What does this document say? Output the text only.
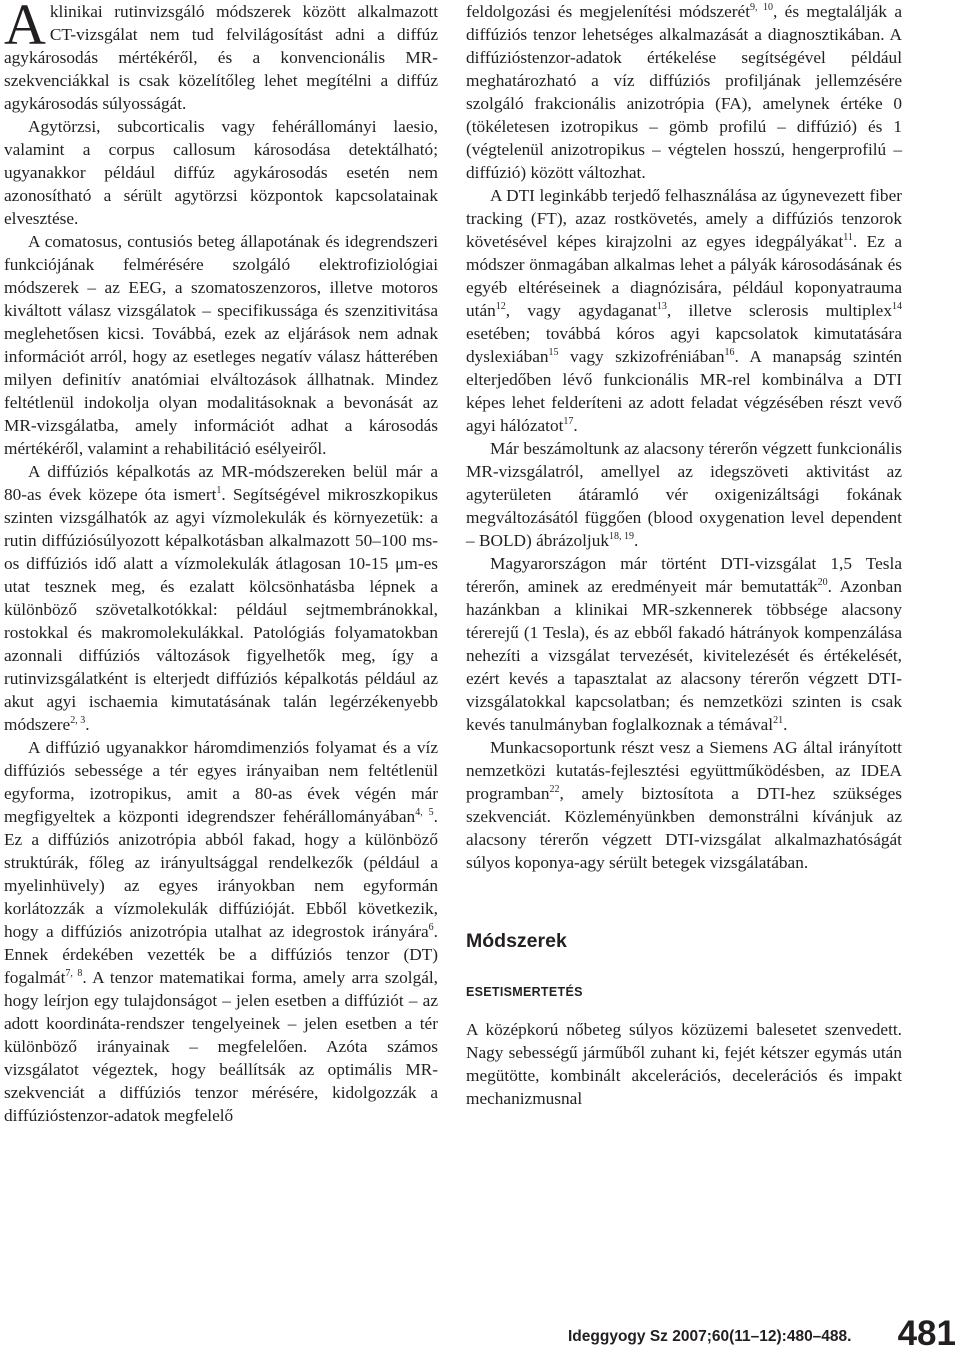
A klinikai rutinvizsgáló módszerek között alkalmazott CT-vizsgálat nem tud felvilágosítást adni a diffúz agykárosodás mértékéről, és a konvencionális MR-szekvenciákkal is csak közelítőleg lehet megítélni a diffúz agykárosodás súlyosságát.

Agytörzsi, subcorticalis vagy fehérállományi laesio, valamint a corpus callosum károsodása detektálható; ugyanakkor például diffúz agykárosodás esetén nem azonosítható a sérült agytörzsi központok kapcsolatainak elvesztése.

A comatosus, contusiós beteg állapotának és idegrendszeri funkciójának felmérésére szolgáló elektrofiziológiai módszerek – az EEG, a szomatoszenzoros, illetve motoros kiváltott válasz vizsgálatok – specifikussága és szenzitivitása meglehetősen kicsi. Továbbá, ezek az eljárások nem adnak információt arról, hogy az esetleges negatív válasz hátterében milyen definitív anatómiai elváltozások állhatnak. Mindez feltétlenül indokolja olyan modalitásoknak a bevonását az MR-vizsgálatba, amely információt adhat a károsodás mértékéről, valamint a rehabilitáció esélyeiről.

A diffúziós képalkotás az MR-módszereken belül már a 80-as évek közepe óta ismert$^1$. Segítségével mikroszkopikus szinten vizsgálhatók az agyi vízmolekulák és környezetük: a rutin diffúziósúlyozott képalkotásban alkalmazott 50–100 ms-os diffúziós idő alatt a vízmolekulák átlagosan 10-15 μm-es utat tesznek meg, és ezalatt kölcsönhatásba lépnek a különböző szövetalkotókkal: például sejtmembránokkal, rostokkal és makromolekulákkal. Patológiás folyamatokban azonnali diffúziós változások figyelhetők meg, így a rutinvizsgálatként is elterjedt diffúziós képalkotás például az akut agyi ischaemia kimutatásának talán legérzékenyebb módszere$^{2, 3}$.

A diffúzió ugyanakkor háromdimenziós folyamat és a víz diffúziós sebessége a tér egyes irányaiban nem feltétlenül egyforma, izotropikus, amit a 80-as évek végén már megfigyeltek a központi idegrendszer fehérállományában$^{4, 5}$. Ez a diffúziós anizotrópia abból fakad, hogy a különböző struktúrák, főleg az irányultsággal rendelkezők (például a myelinhüvely) az egyes irányokban nem egyformán korlátozzák a vízmolekulák diffúzióját. Ebből következik, hogy a diffúziós anizotrópia utalhat az idegrostok irányára$^6$. Ennek érdekében vezették be a diffúziós tenzor (DT) fogalmát$^{7, 8}$. A tenzor matematikai forma, amely arra szolgál, hogy leírjon egy tulajdonságot – jelen esetben a diffúziót – az adott koordináta-rendszer tengelyeinek – jelen esetben a tér különböző irányainak – megfelelően. Azóta számos vizsgálatot végeztek, hogy beállítsák az optimális MR-szekvenciát a diffúziós tenzor mérésére, kidolgozzák a diffúzióstenzor-adatok megfelelő

feldolgozási és megjelenítési módszerét$^{9, 10}$, és megtalálják a diffúziós tenzor lehetséges alkalmazását a diagnosztikában. A diffúzióstenzor-adatok értékelése segítségével például meghatározható a víz diffúziós profiljának jellemzésére szolgáló frakcionális anizotrópia (FA), amelynek értéke 0 (tökéletesen izotropikus – gömb profilú – diffúzió) és 1 (végtelenül anizotropikus – végtelen hosszú, hengerprofilú – diffúzió) között változhat.

A DTI leginkább terjedő felhasználása az úgynevezett fiber tracking (FT), azaz rostkövetés, amely a diffúziós tenzorok követésével képes kirajzolni az egyes idegpályákat$^{11}$. Ez a módszer önmagában alkalmas lehet a pályák károsodásának és egyéb eltéréseinek a diagnózisára, például koponyatrauma után$^{12}$, vagy agydaganat$^{13}$, illetve sclerosis multiplex$^{14}$ esetében; továbbá kóros agyi kapcsolatok kimutatására dyslexiában$^{15}$ vagy szkizofréniában$^{16}$. A manapság szintén elterjedőben lévő funkcionális MR-rel kombinálva a DTI képes lehet felderíteni az adott feladat végzésében részt vevő agyi hálózatot$^{17}$.

Már beszámoltunk az alacsony térerőn végzett funkcionális MR-vizsgálatról, amellyel az idegszöveti aktivitást az agyterületen átáramló vér oxigenizáltsági fokának megváltozásától függően (blood oxygenation level dependent – BOLD) ábrázoljuk$^{18, 19}$.

Magyarországon már történt DTI-vizsgálat 1,5 Tesla térerőn, aminek az eredményeit már bemutatták$^{20}$. Azonban hazánkban a klinikai MR-szkennerek többsége alacsony térerejű (1 Tesla), és az ebből fakadó hátrányok kompenzálása nehezíti a vizsgálat tervezését, kivitelezését és értékelését, ezért kevés a tapasztalat az alacsony térerőn végzett DTI-vizsgálatokkal kapcsolatban; és nemzetközi szinten is csak kevés tanulmányban foglalkoznak a témával$^{21}$.

Munkacsoportunk részt vesz a Siemens AG által irányított nemzetközi kutatás-fejlesztési együttműködésben, az IDEA programban$^{22}$, amely biztosítota a DTI-hez szükséges szekvenciát. Közleményünkben demonstrálni kívánjuk az alacsony térerőn végzett DTI-vizsgálat alkalmazhatóságát súlyos koponya-agy sérült betegek vizsgálatában.

Módszerek
ESETISMERTETÉS

A középkorú nőbeteg súlyos közüzemi balesetet szenvedett. Nagy sebességű járműből zuhant ki, fejét kétszer egymás után megütötte, kombinált akcelerációs, decelerációs és impakt mechanizmusnal

Ideggyogy Sz 2007;60(11–12):480–488. 481
